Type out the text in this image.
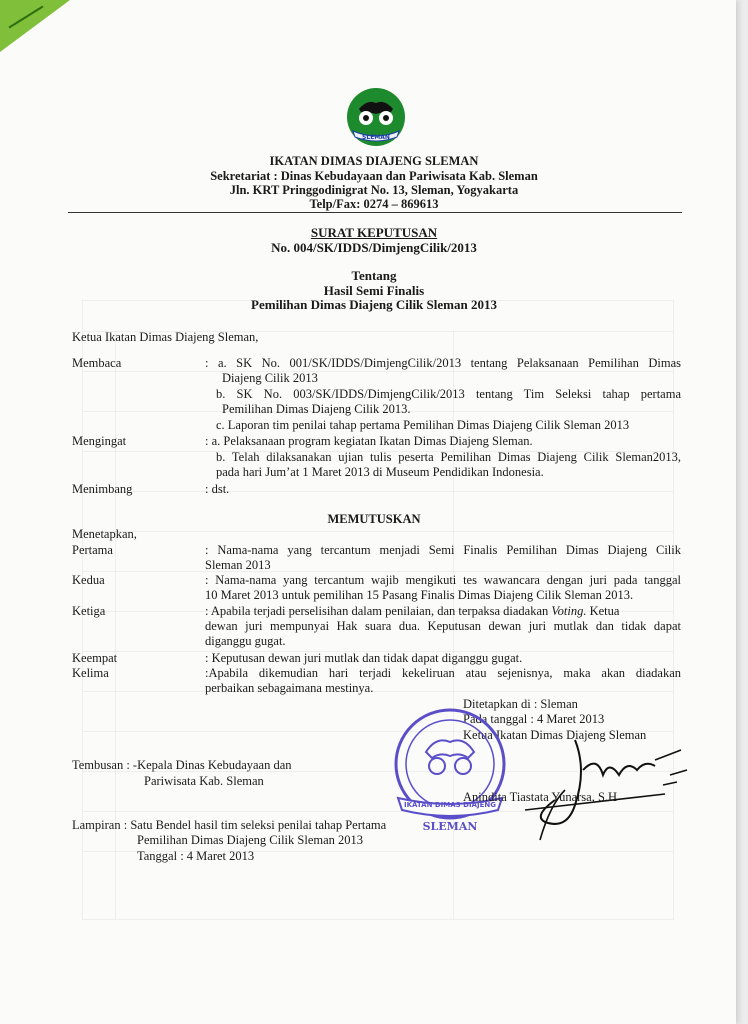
SLEMAN
IKATAN DIMAS DIAJENG SLEMAN
Sekretariat : Dinas Kebudayaan dan Pariwisata Kab. Sleman
Jln. KRT Pringgodinigrat No. 13, Sleman, Yogyakarta
Telp/Fax: 0274 – 869613
SURAT KEPUTUSAN
No. 004/SK/IDDS/DimjengCilik/2013
Tentang
Hasil Semi Finalis
Pemilihan Dimas Diajeng Cilik Sleman 2013
Ketua Ikatan Dimas Diajeng Sleman,
Membaca	: a. SK No. 001/SK/IDDS/DimjengCilik/2013 tentang Pelaksanaan Pemilihan Dimas
Diajeng Cilik 2013
b. SK No. 003/SK/IDDS/DimjengCilik/2013 tentang Tim Seleksi tahap pertama
Pemilihan Dimas Diajeng Cilik 2013.
c. Laporan tim penilai tahap pertama Pemilihan Dimas Diajeng Cilik Sleman 2013
Mengingat	: a. Pelaksanaan program kegiatan Ikatan Dimas Diajeng Sleman.
b. Telah dilaksanakan ujian tulis peserta Pemilihan Dimas Diajeng Cilik Sleman2013,
pada hari Jum’at 1 Maret 2013 di Museum Pendidikan Indonesia.
Menimbang	: dst.
MEMUTUSKAN
Menetapkan,
Pertama	: Nama-nama yang tercantum menjadi Semi Finalis Pemilihan Dimas Diajeng Cilik
Sleman 2013
Kedua	: Nama-nama yang tercantum wajib mengikuti tes wawancara dengan juri pada tanggal
10 Maret 2013 untuk pemilihan 15 Pasang Finalis Dimas Diajeng Cilik Sleman 2013.
Ketiga	: Apabila terjadi perselisihan dalam penilaian, dan terpaksa diadakan Voting. Ketua
dewan juri mempunyai Hak suara dua. Keputusan dewan juri mutlak dan tidak dapat
diganggu gugat.
Keempat	: Keputusan dewan juri mutlak dan tidak dapat diganggu gugat.
Kelima	:Apabila dikemudian hari terjadi kekeliruan atau sejenisnya, maka akan diadakan
perbaikan sebagaimana mestinya.
Ditetapkan di : Sleman
Pada tanggal : 4 Maret 2013
Ketua Ikatan Dimas Diajeng Sleman
IKATAN DIMAS DIAJENG
SLEMAN
Anindita Tiastata Yunarsa, S.H
Tembusan : -Kepala Dinas Kebudayaan dan
Pariwisata Kab. Sleman
Lampiran : Satu Bendel hasil tim seleksi penilai tahap Pertama
Pemilihan Dimas Diajeng Cilik Sleman 2013
Tanggal : 4 Maret 2013
